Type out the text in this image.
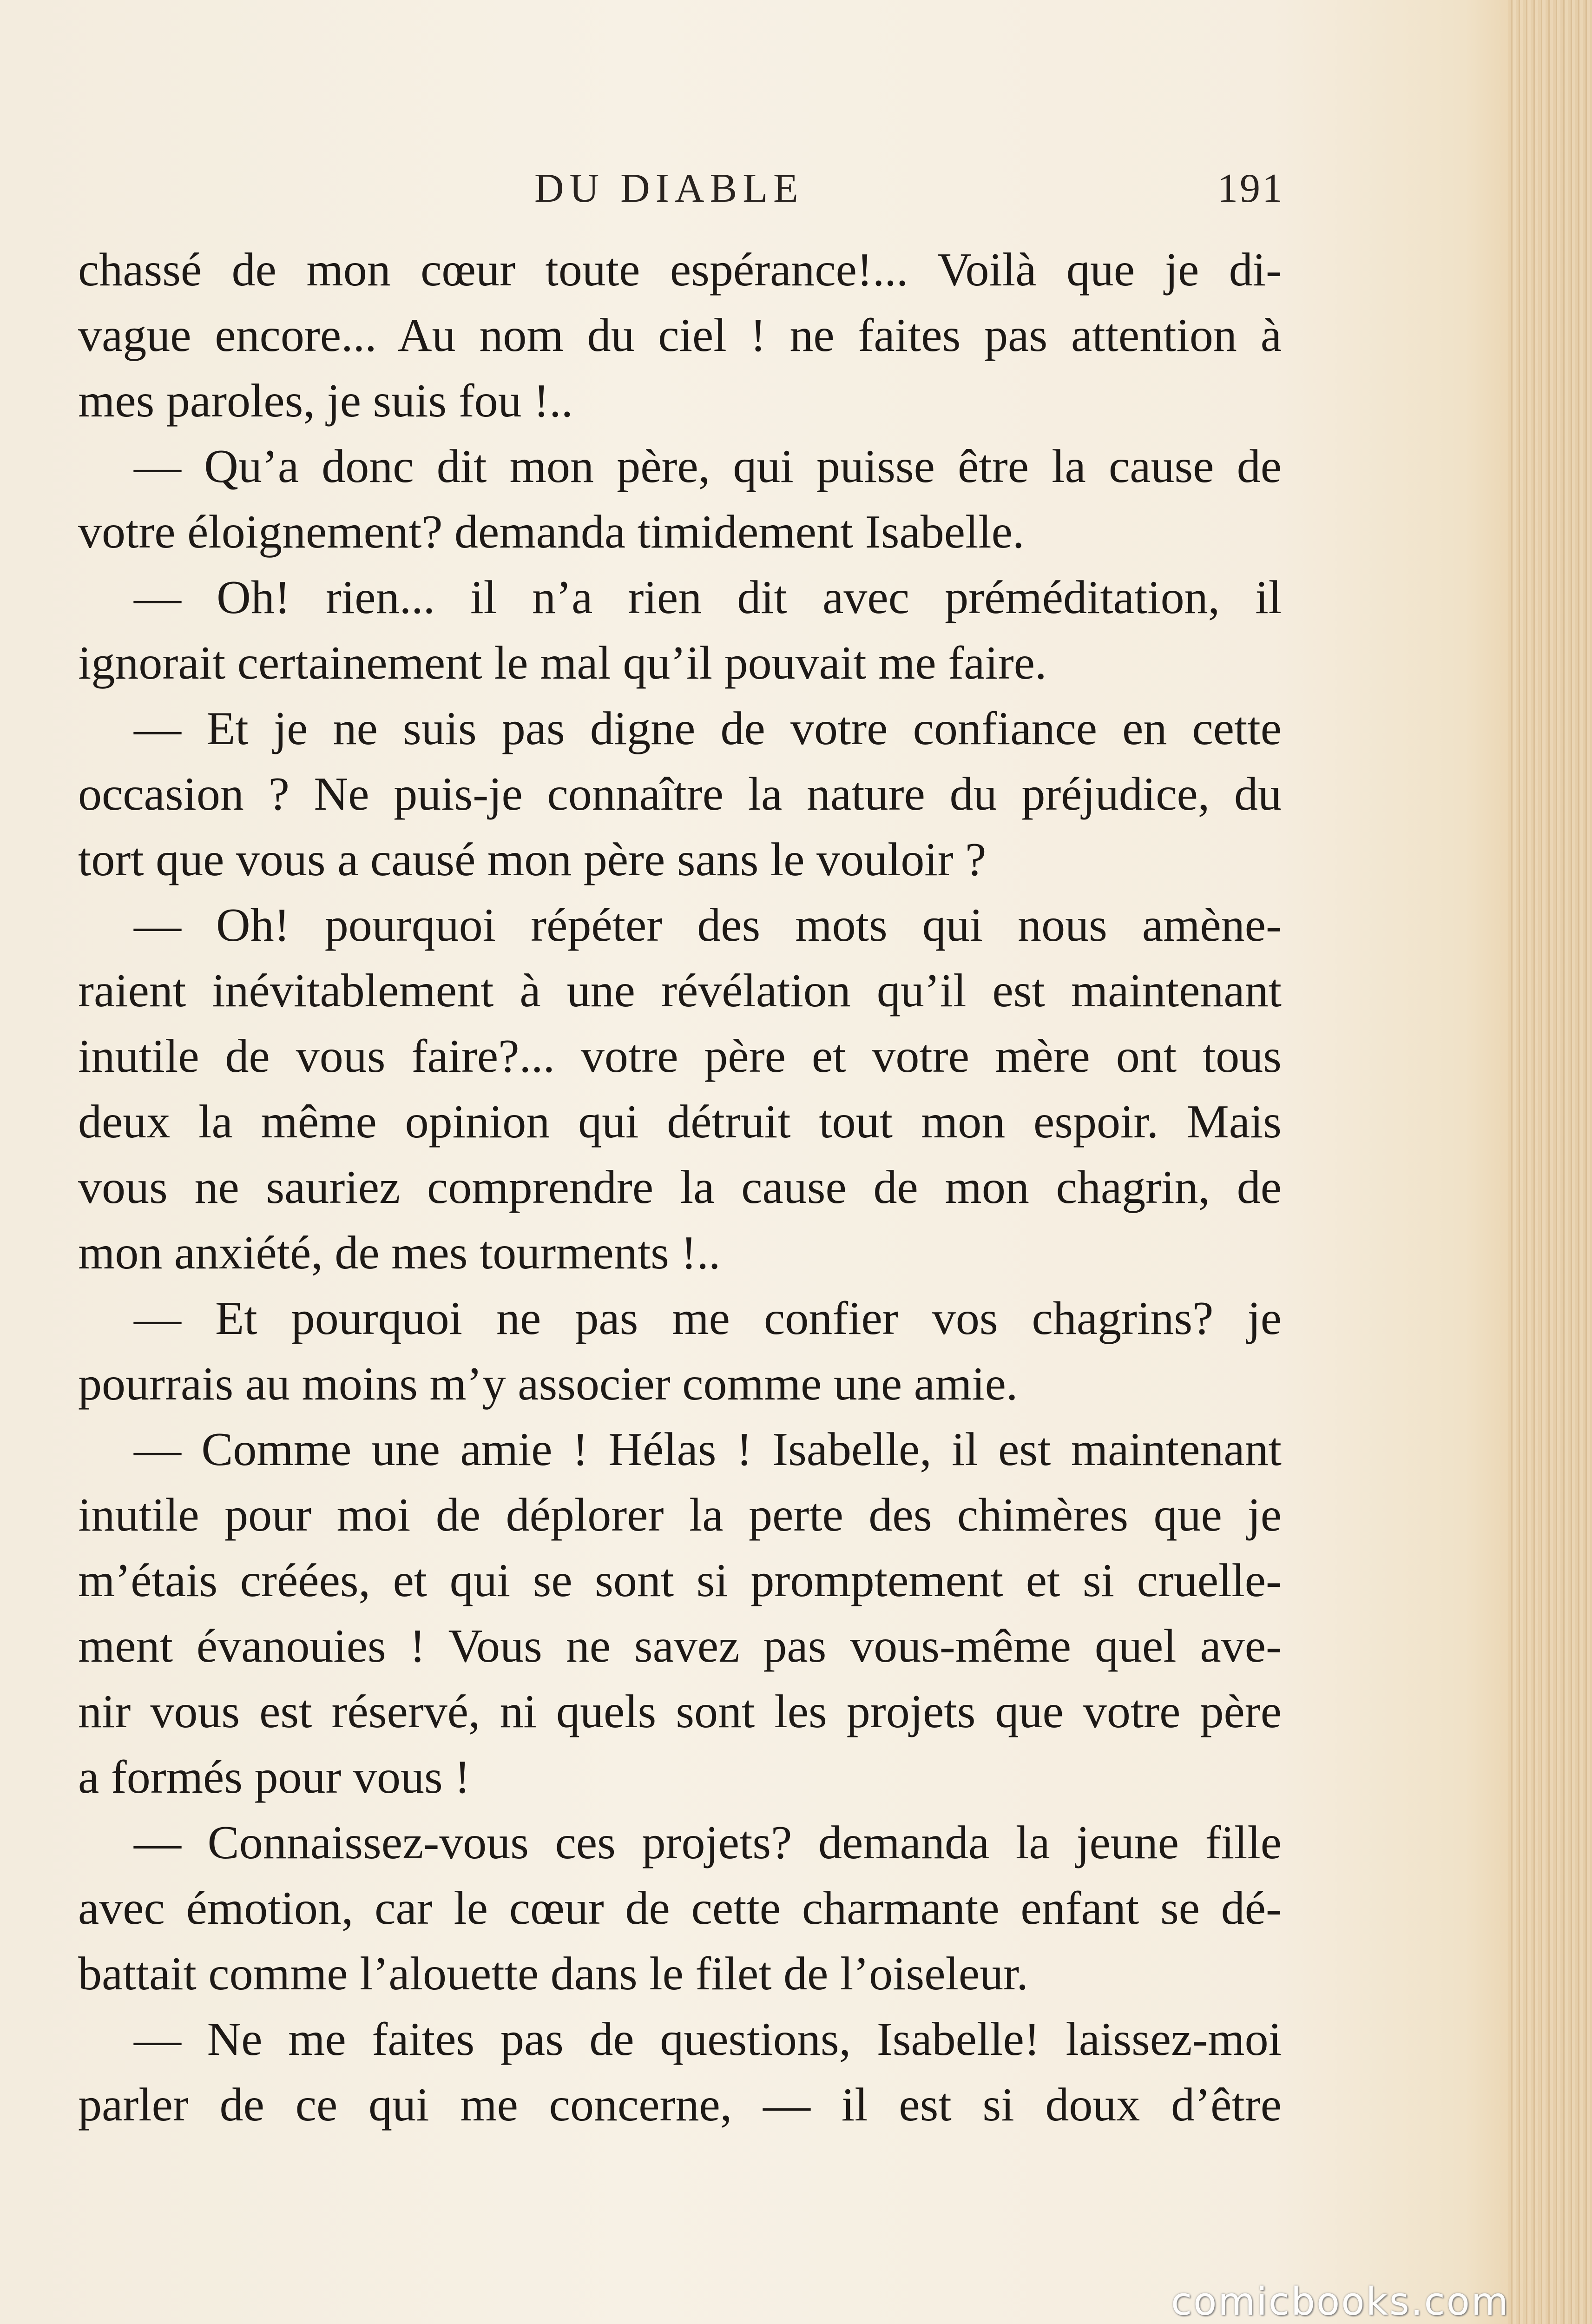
DU DIABLE	191
chassé de mon cœur toute espérance!... Voilà que je di-
vague encore... Au nom du ciel ! ne faites pas attention à
mes paroles, je suis fou !..
— Qu’a donc dit mon père, qui puisse être la cause de
votre éloignement? demanda timidement Isabelle.
— Oh! rien... il n’a rien dit avec préméditation, il
ignorait certainement le mal qu’il pouvait me faire.
— Et je ne suis pas digne de votre confiance en cette
occasion ? Ne puis-je connaître la nature du préjudice, du
tort que vous a causé mon père sans le vouloir ?
— Oh! pourquoi répéter des mots qui nous amène-
raient inévitablement à une révélation qu’il est maintenant
inutile de vous faire?... votre père et votre mère ont tous
deux la même opinion qui détruit tout mon espoir. Mais
vous ne sauriez comprendre la cause de mon chagrin, de
mon anxiété, de mes tourments !..
— Et pourquoi ne pas me confier vos chagrins? je
pourrais au moins m’y associer comme une amie.
— Comme une amie ! Hélas ! Isabelle, il est maintenant
inutile pour moi de déplorer la perte des chimères que je
m’étais créées, et qui se sont si promptement et si cruelle-
ment évanouies ! Vous ne savez pas vous-même quel ave-
nir vous est réservé, ni quels sont les projets que votre père
a formés pour vous !
— Connaissez-vous ces projets? demanda la jeune fille
avec émotion, car le cœur de cette charmante enfant se dé-
battait comme l’alouette dans le filet de l’oiseleur.
— Ne me faites pas de questions, Isabelle! laissez-moi
parler de ce qui me concerne, — il est si doux d’être
comicbooks.com
